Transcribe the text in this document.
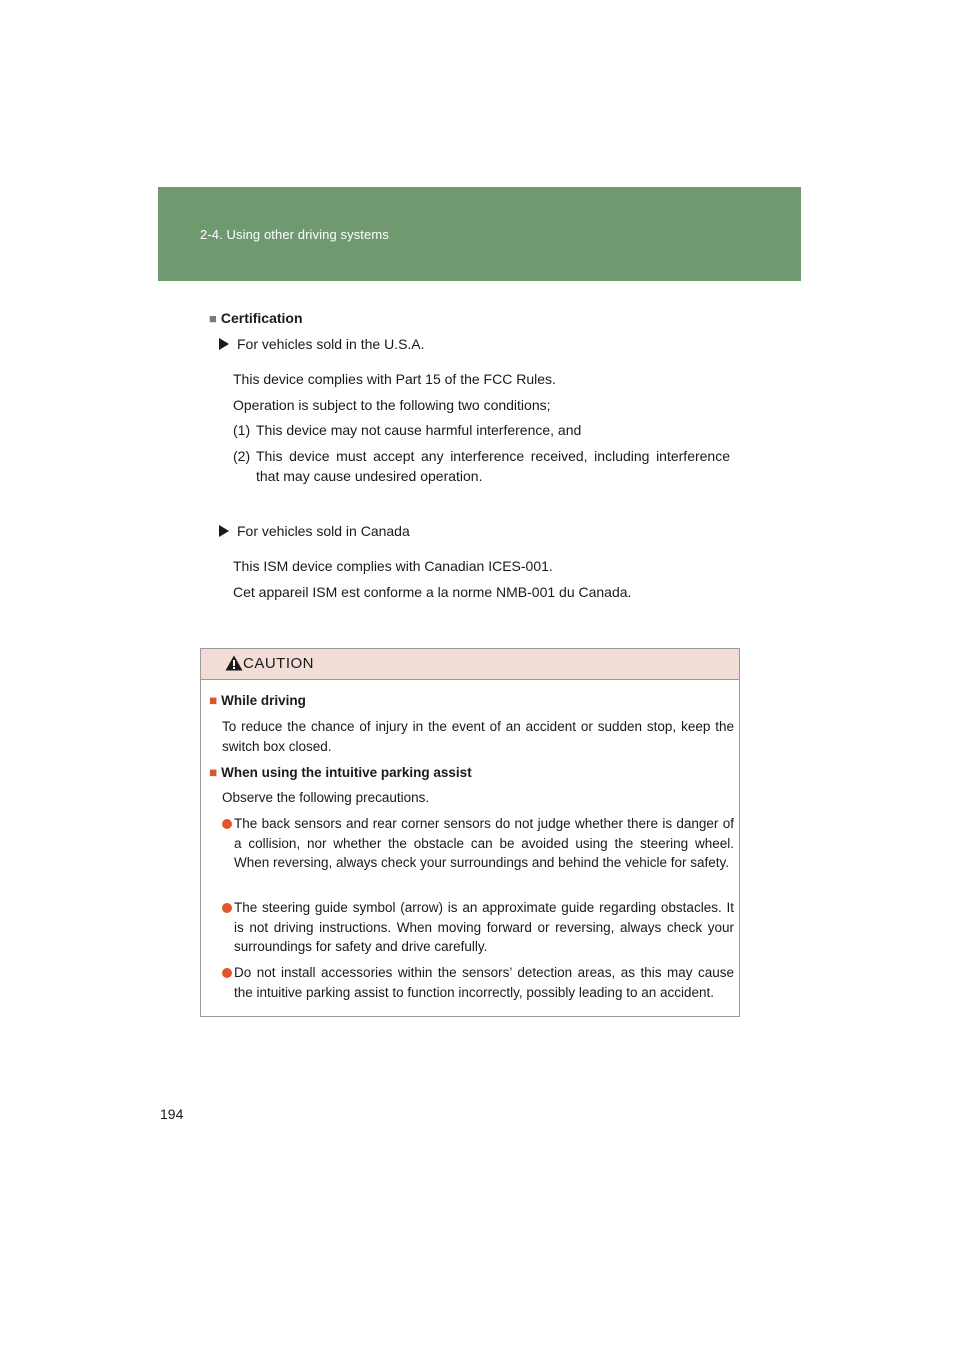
2-4. Using other driving systems
■ Certification
For vehicles sold in the U.S.A.
This device complies with Part 15 of the FCC Rules.
Operation is subject to the following two conditions;
(1) This device may not cause harmful interference, and
(2) This device must accept any interference received, including interference
that may cause undesired operation.
For vehicles sold in Canada
This ISM device complies with Canadian ICES-001.
Cet appareil ISM est conforme a la norme NMB-001 du Canada.
CAUTION
■ While driving
To reduce the chance of injury in the event of an accident or sudden stop, keep the switch box closed.
■ When using the intuitive parking assist
Observe the following precautions.
The back sensors and rear corner sensors do not judge whether there is danger of a collision, nor whether the obstacle can be avoided using the steering wheel. When reversing, always check your surroundings and behind the vehicle for safety.
The steering guide symbol (arrow) is an approximate guide regarding obstacles. It is not driving instructions. When moving forward or reversing, always check your surroundings for safety and drive carefully.
Do not install accessories within the sensors’ detection areas, as this may cause the intuitive parking assist to function incorrectly, possibly leading to an accident.
194
